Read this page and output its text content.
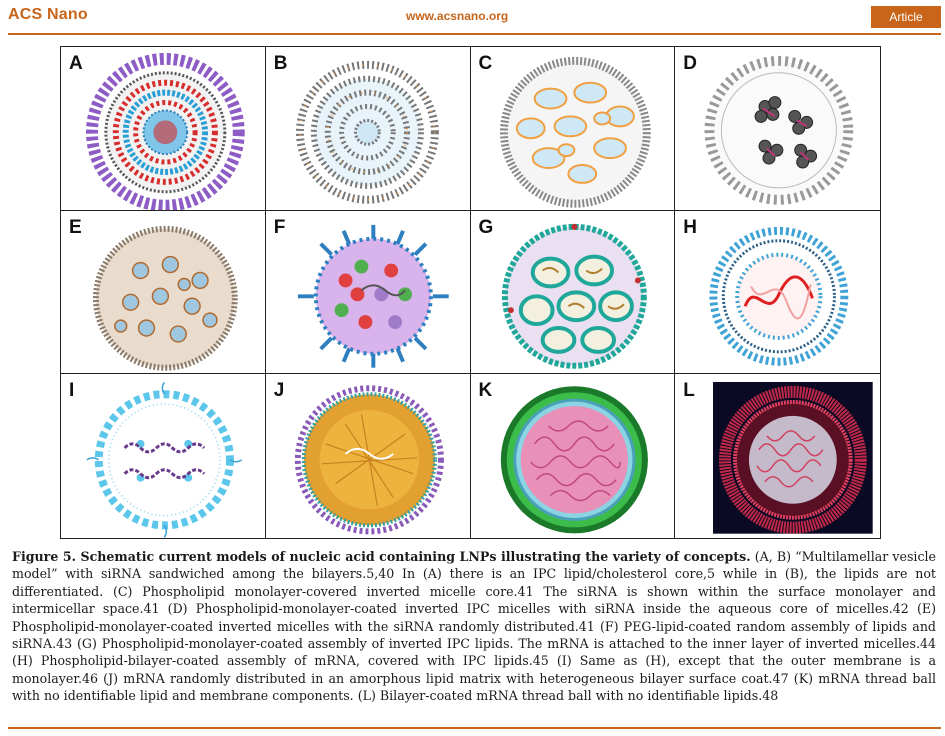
ACS Nano	www.acsnano.org	Article
A	B	C	D
E	F	G	H
I	J	K	L
Figure 5. Schematic current models of nucleic acid containing LNPs illustrating the variety of concepts. (A, B) “Multilamellar vesicle model” with siRNA sandwiched among the bilayers.5,40 In (A) there is an IPC lipid/cholesterol core,5 while in (B), the lipids are not differentiated. (C) Phospholipid monolayer-covered inverted micelle core.41 The siRNA is shown within the surface monolayer and intermicellar space.41 (D) Phospholipid-monolayer-coated inverted IPC micelles with siRNA inside the aqueous core of micelles.42 (E) Phospholipid-monolayer-coated inverted micelles with the siRNA randomly distributed.41 (F) PEG-lipid-coated random assembly of lipids and siRNA.43 (G) Phospholipid-monolayer-coated assembly of inverted IPC lipids. The mRNA is attached to the inner layer of inverted micelles.44 (H) Phospholipid-bilayer-coated assembly of mRNA, covered with IPC lipids.45 (I) Same as (H), except that the outer membrane is a monolayer.46 (J) mRNA randomly distributed in an amorphous lipid matrix with heterogeneous bilayer surface coat.47 (K) mRNA thread ball with no identifiable lipid and membrane components. (L) Bilayer-coated mRNA thread ball with no identifiable lipids.48
